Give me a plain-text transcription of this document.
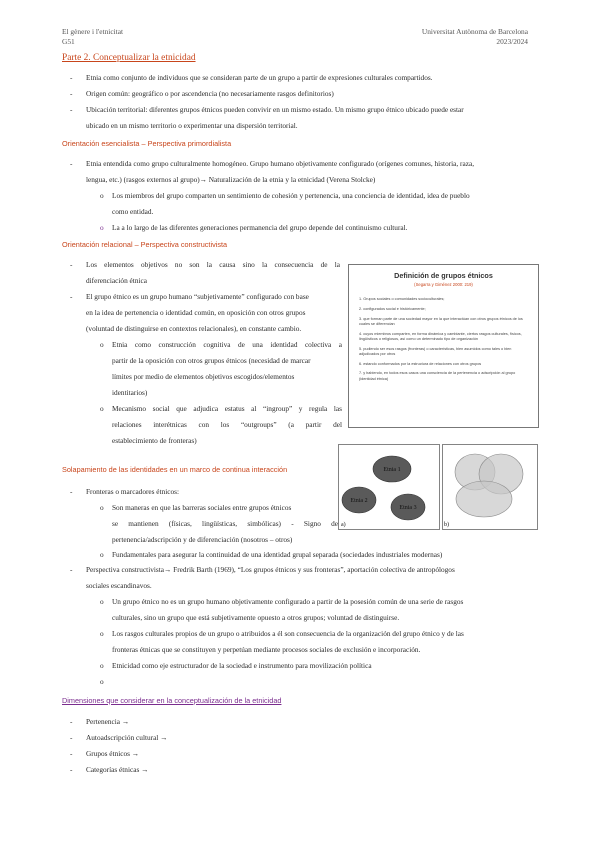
El gènere i l'etnicitat
G51
Universitat Autònoma de Barcelona
2023/2024
Parte 2. Conceptualizar la etnicidad
- Etnia como conjunto de individuos que se consideran parte de un grupo a partir de expresiones culturales compartidos.
- Origen común: geográfico o por ascendencia (no necesariamente rasgos definitorios)
- Ubicación territorial: diferentes grupos étnicos pueden convivir en un mismo estado. Un mismo grupo étnico ubicado puede estar
ubicado en un mismo territorio o experimentar una dispersión territorial.
Orientación esencialista – Perspectiva primordialista
- Etnia entendida como grupo culturalmente homogéneo. Grupo humano objetivamente configurado (orígenes comunes, historia, raza,
lengua, etc.) (rasgos externos al grupo)→ Naturalización de la etnia y la etnicidad (Verena Stolcke)
o Los miembros del grupo comparten un sentimiento de cohesión y pertenencia, una conciencia de identidad, idea de pueblo
como entidad.
o La a lo largo de las diferentes generaciones permanencia del grupo depende del continuismo cultural.
Orientación relacional – Perspectiva constructivista
- Los elementos objetivos no son la causa sino la consecuencia de la
diferenciación étnica
- El grupo étnico es un grupo humano “subjetivamente” configurado con base
en la idea de pertenencia o identidad común, en oposición con otros grupos
(voluntad de distinguirse en contextos relacionales), en constante cambio.
o Etnia como construcción cognitiva de una identidad colectiva a
partir de la oposición con otros grupos étnicos (necesidad de marcar
límites por medio de elementos objetivos escogidos/elementos
identitarios)
o Mecanismo social que adjudica estatus al “ingroup” y regula las
relaciones interétnicas con los “outgroups” (a partir del
establecimiento de fronteras)
Definición de grupos étnicos
(Segarra y Giménez 2000: 219)
1. Grupos sociales o comunidades socioculturales;
2. configurados social e históricamente;
3. que forman parte de una sociedad mayor en la que interactúan con otros grupos étnicos de los cuales se diferencian
4. cuyos miembros comparten, en forma dinámica y cambiante, ciertos rasgos culturales, físicos, lingüísticos o religiosos, así como un determinado tipo de organización
5. pudiendo ser esos rasgos (fronteras) o características, bien asumidos como tales o bien adjudicados por otros
6. estando conformados por la estructura de relaciones con otros grupos
7. y habiendo, en todos esos casos una consciencia de la pertenencia o adscripción al grupo (identidad étnica)
Etnia 1
Etnia 2
Etnia 3
a)	b)
Solapamiento de las identidades en un marco de continua interacción
- Fronteras o marcadores étnicos:
o Son maneras en que las barreras sociales entre grupos étnicos
se mantienen (físicas, lingüísticas, simbólicas) - Signo de
pertenencia/adscripción y de diferenciación (nosotros – otros)
o Fundamentales para asegurar la continuidad de una identidad grupal separada (sociedades industriales modernas)
- Perspectiva constructivista→ Fredrik Barth (1969), “Los grupos étnicos y sus fronteras”, aportación colectiva de antropólogos
sociales escandinavos.
o Un grupo étnico no es un grupo humano objetivamente configurado a partir de la posesión común de una serie de rasgos
culturales, sino un grupo que está subjetivamente opuesto a otros grupos; voluntad de distinguirse.
o Los rasgos culturales propios de un grupo o atribuidos a él son consecuencia de la organización del grupo étnico y de las
fronteras étnicas que se constituyen y perpetúan mediante procesos sociales de exclusión e incorporación.
o Etnicidad como eje estructurador de la sociedad e instrumento para movilización política
o
Dimensiones que considerar en la conceptualización de la etnicidad
- Pertenencia →
- Autoadscripción cultural →
- Grupos étnicos →
- Categorías étnicas →
